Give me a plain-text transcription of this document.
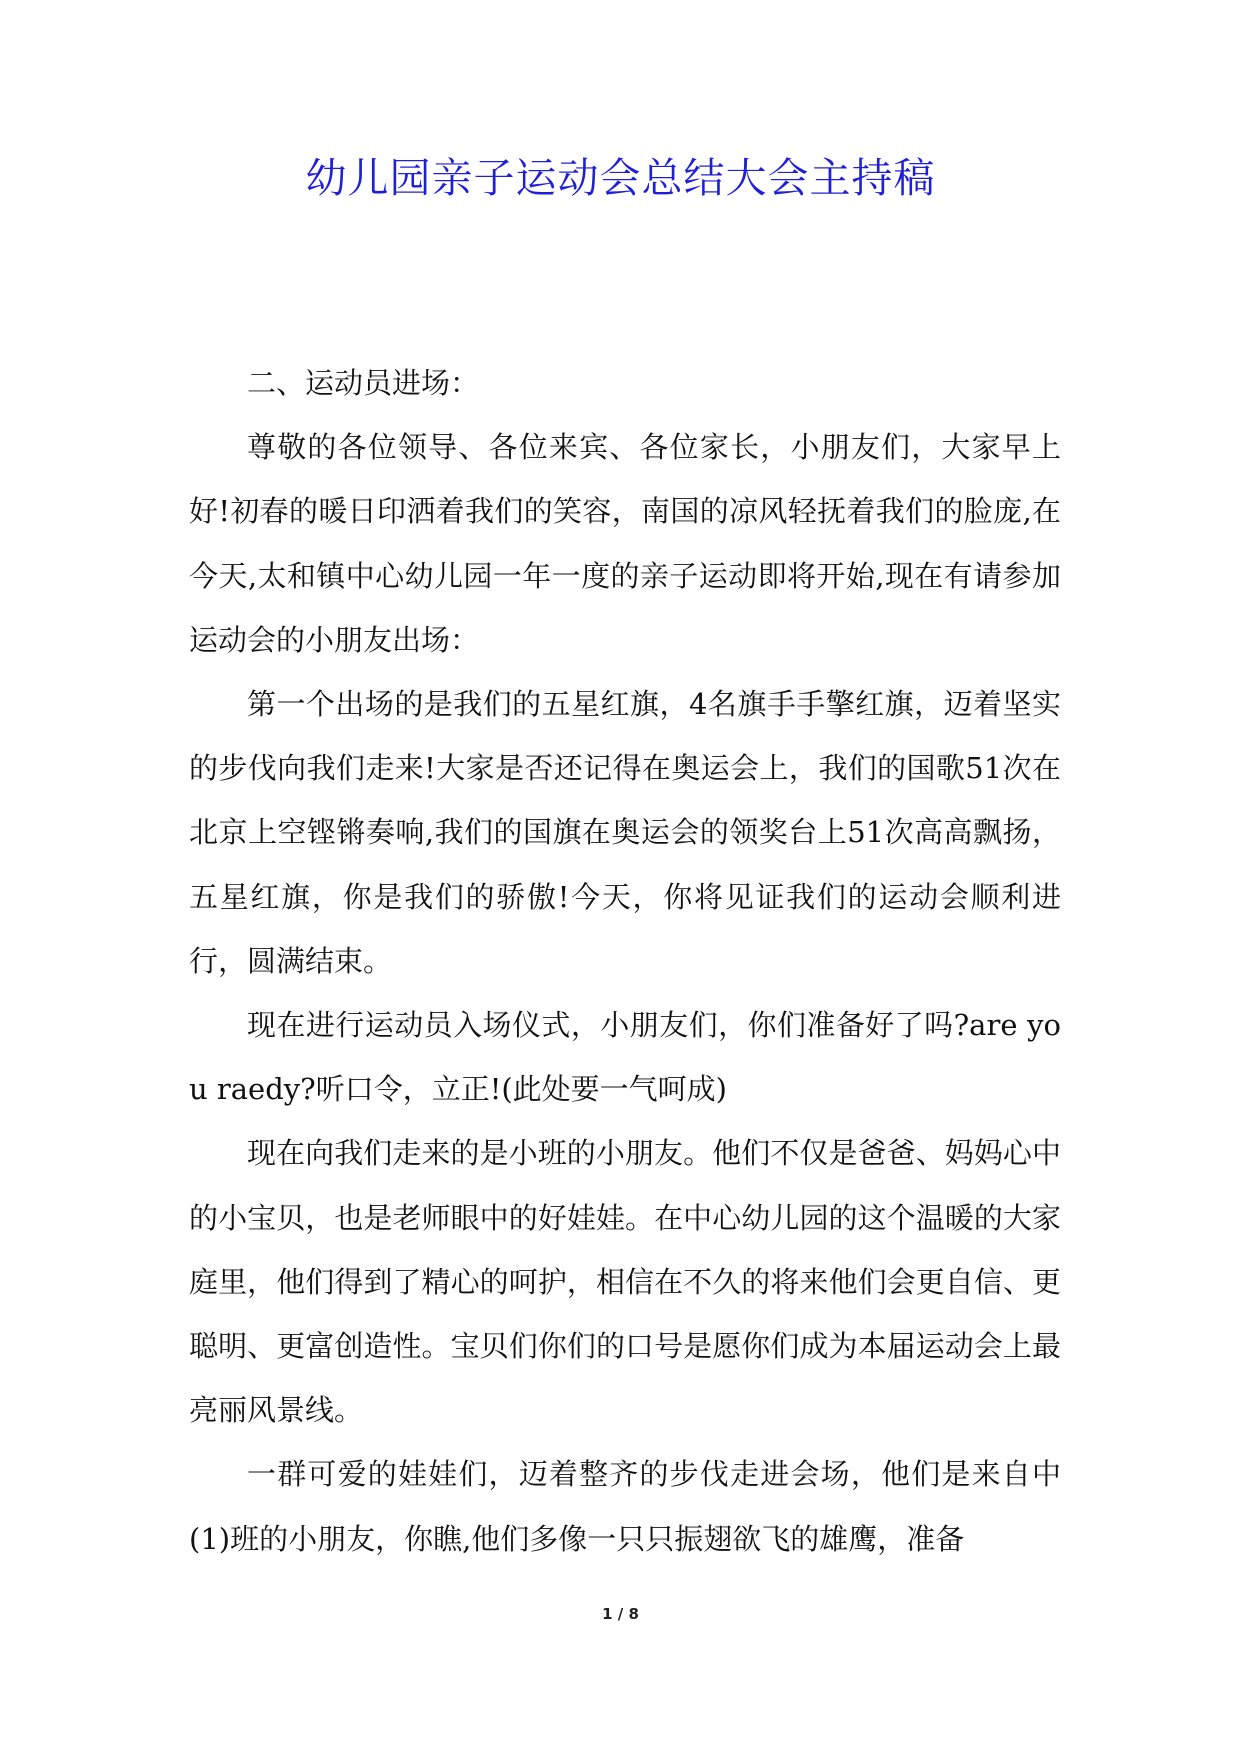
幼儿园亲子运动会总结大会主持稿

二、运动员进场：

尊敬的各位领导、各位来宾、各位家长，小朋友们，大家早上好!初春的暖日印洒着我们的笑容，南国的凉风轻抚着我们的脸庞,在今天,太和镇中心幼儿园一年一度的亲子运动即将开始,现在有请参加运动会的小朋友出场：

第一个出场的是我们的五星红旗，4名旗手手擎红旗，迈着坚实的步伐向我们走来!大家是否还记得在奥运会上，我们的国歌51次在北京上空铿锵奏响,我们的国旗在奥运会的领奖台上51次高高飘扬，五星红旗，你是我们的骄傲!今天，你将见证我们的运动会顺利进行，圆满结束。

现在进行运动员入场仪式，小朋友们，你们准备好了吗?are you raedy?听口令，立正!(此处要一气呵成)

现在向我们走来的是小班的小朋友。他们不仅是爸爸、妈妈心中的小宝贝，也是老师眼中的好娃娃。在中心幼儿园的这个温暖的大家庭里，他们得到了精心的呵护，相信在不久的将来他们会更自信、更聪明、更富创造性。宝贝们你们的口号是愿你们成为本届运动会上最亮丽风景线。

一群可爱的娃娃们，迈着整齐的步伐走进会场，他们是来自中(1)班的小朋友，你瞧,他们多像一只只振翅欲飞的雄鹰，准备

1 / 8
